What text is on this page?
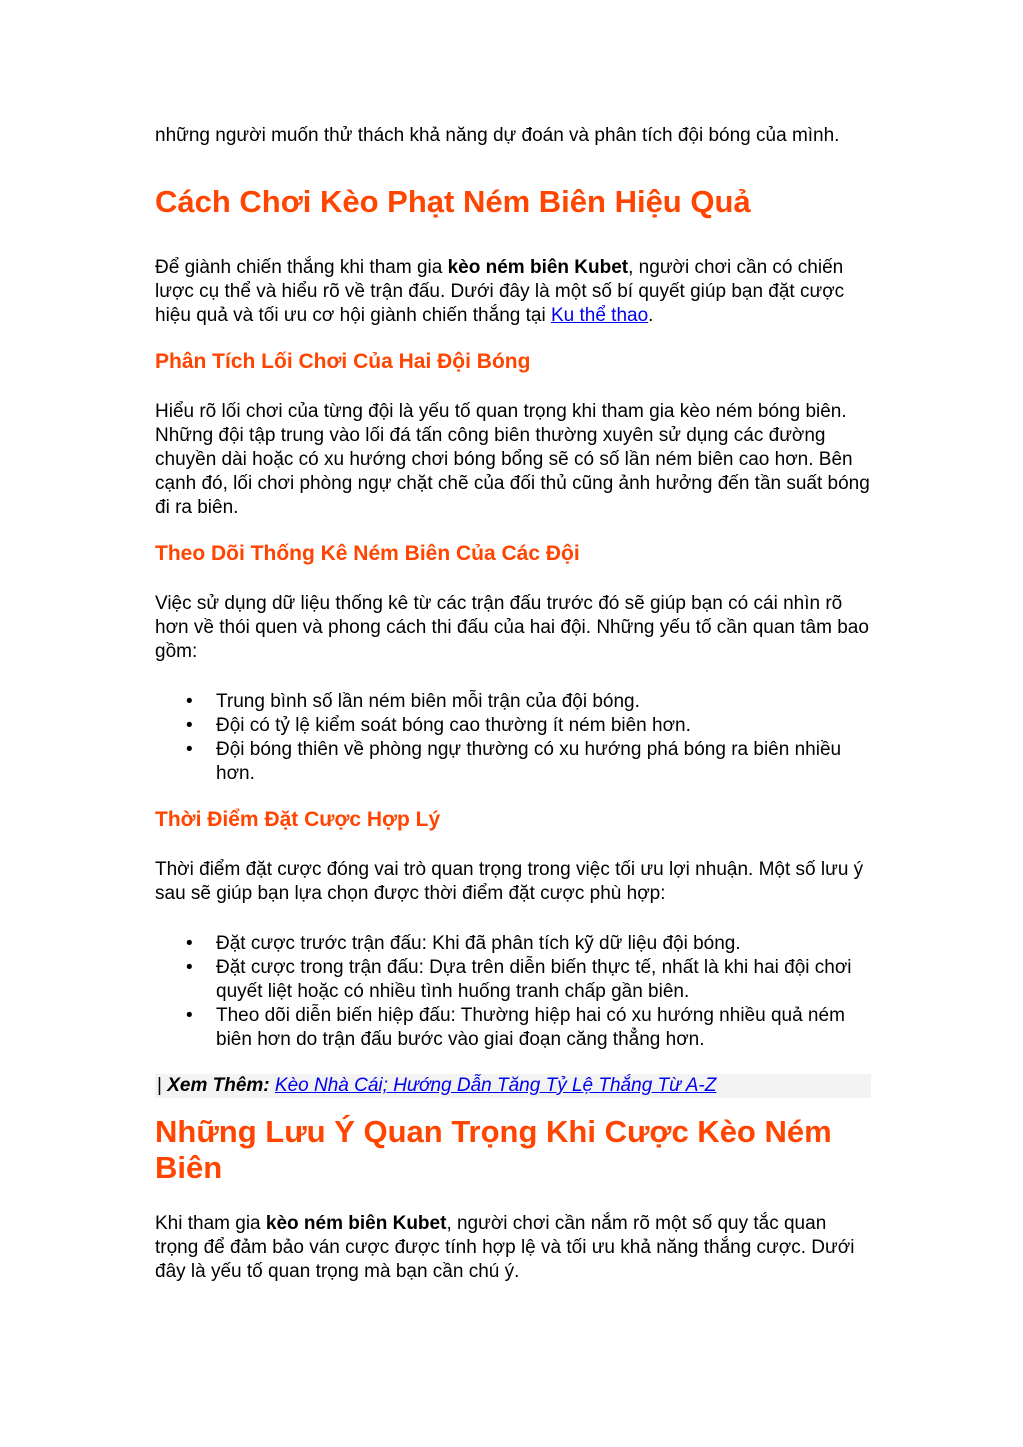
những người muốn thử thách khả năng dự đoán và phân tích đội bóng của mình.

Cách Chơi Kèo Phạt Ném Biên Hiệu Quả

Để giành chiến thắng khi tham gia kèo ném biên Kubet, người chơi cần có chiến lược cụ thể và hiểu rõ về trận đấu. Dưới đây là một số bí quyết giúp bạn đặt cược hiệu quả và tối ưu cơ hội giành chiến thắng tại Ku thể thao.

Phân Tích Lối Chơi Của Hai Đội Bóng

Hiểu rõ lối chơi của từng đội là yếu tố quan trọng khi tham gia kèo ném bóng biên. Những đội tập trung vào lối đá tấn công biên thường xuyên sử dụng các đường chuyền dài hoặc có xu hướng chơi bóng bổng sẽ có số lần ném biên cao hơn. Bên cạnh đó, lối chơi phòng ngự chặt chẽ của đối thủ cũng ảnh hưởng đến tần suất bóng đi ra biên.

Theo Dõi Thống Kê Ném Biên Của Các Đội

Việc sử dụng dữ liệu thống kê từ các trận đấu trước đó sẽ giúp bạn có cái nhìn rõ hơn về thói quen và phong cách thi đấu của hai đội. Những yếu tố cần quan tâm bao gồm:

• Trung bình số lần ném biên mỗi trận của đội bóng.
• Đội có tỷ lệ kiểm soát bóng cao thường ít ném biên hơn.
• Đội bóng thiên về phòng ngự thường có xu hướng phá bóng ra biên nhiều hơn.
Thời Điểm Đặt Cược Hợp Lý

Thời điểm đặt cược đóng vai trò quan trọng trong việc tối ưu lợi nhuận. Một số lưu ý sau sẽ giúp bạn lựa chọn được thời điểm đặt cược phù hợp:

• Đặt cược trước trận đấu: Khi đã phân tích kỹ dữ liệu đội bóng.
• Đặt cược trong trận đấu: Dựa trên diễn biến thực tế, nhất là khi hai đội chơi quyết liệt hoặc có nhiều tình huống tranh chấp gần biên.
• Theo dõi diễn biến hiệp đấu: Thường hiệp hai có xu hướng nhiều quả ném biên hơn do trận đấu bước vào giai đoạn căng thẳng hơn.
| Xem Thêm: Kèo Nhà Cái; Hướng Dẫn Tăng Tỷ Lệ Thắng Từ A-Z
Những Lưu Ý Quan Trọng Khi Cược Kèo Ném Biên

Khi tham gia kèo ném biên Kubet, người chơi cần nắm rõ một số quy tắc quan trọng để đảm bảo ván cược được tính hợp lệ và tối ưu khả năng thắng cược. Dưới đây là yếu tố quan trọng mà bạn cần chú ý.
